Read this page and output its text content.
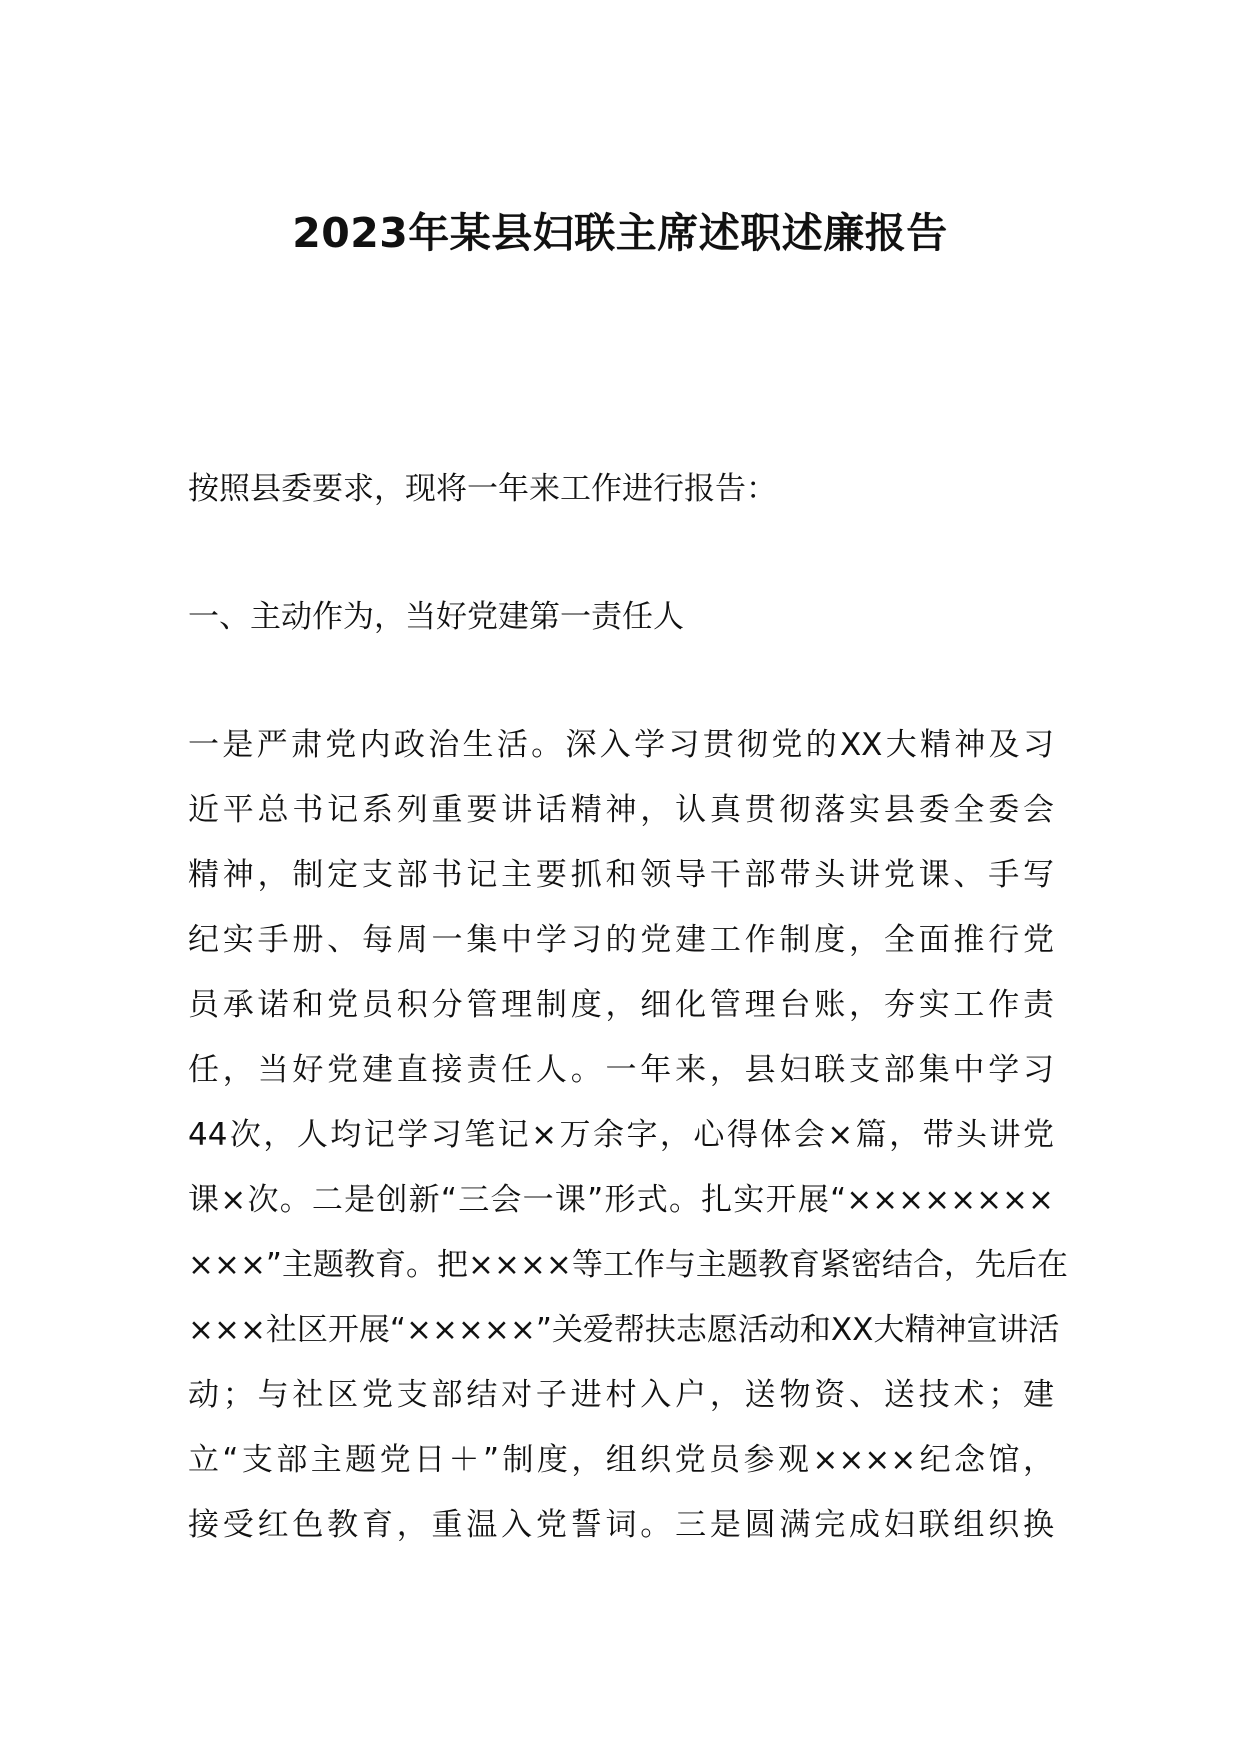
2023年某县妇联主席述职述廉报告

按照县委要求，现将一年来工作进行报告：

一、主动作为，当好党建第一责任人

一是严肃党内政治生活。深入学习贯彻党的XX大精神及习
近平总书记系列重要讲话精神，认真贯彻落实县委全委会
精神，制定支部书记主要抓和领导干部带头讲党课、手写
纪实手册、每周一集中学习的党建工作制度，全面推行党
员承诺和党员积分管理制度，细化管理台账，夯实工作责
任，当好党建直接责任人。一年来，县妇联支部集中学习
44次，人均记学习笔记×万余字，心得体会×篇，带头讲党
课×次。二是创新“三会一课”形式。扎实开展“××××××××
×××”主题教育。把××××等工作与主题教育紧密结合，先后在
×××社区开展“×××××”关爱帮扶志愿活动和XX大精神宣讲活
动；与社区党支部结对子进村入户，送物资、送技术；建
立“支部主题党日＋”制度，组织党员参观××××纪念馆，
接受红色教育，重温入党誓词。三是圆满完成妇联组织换
